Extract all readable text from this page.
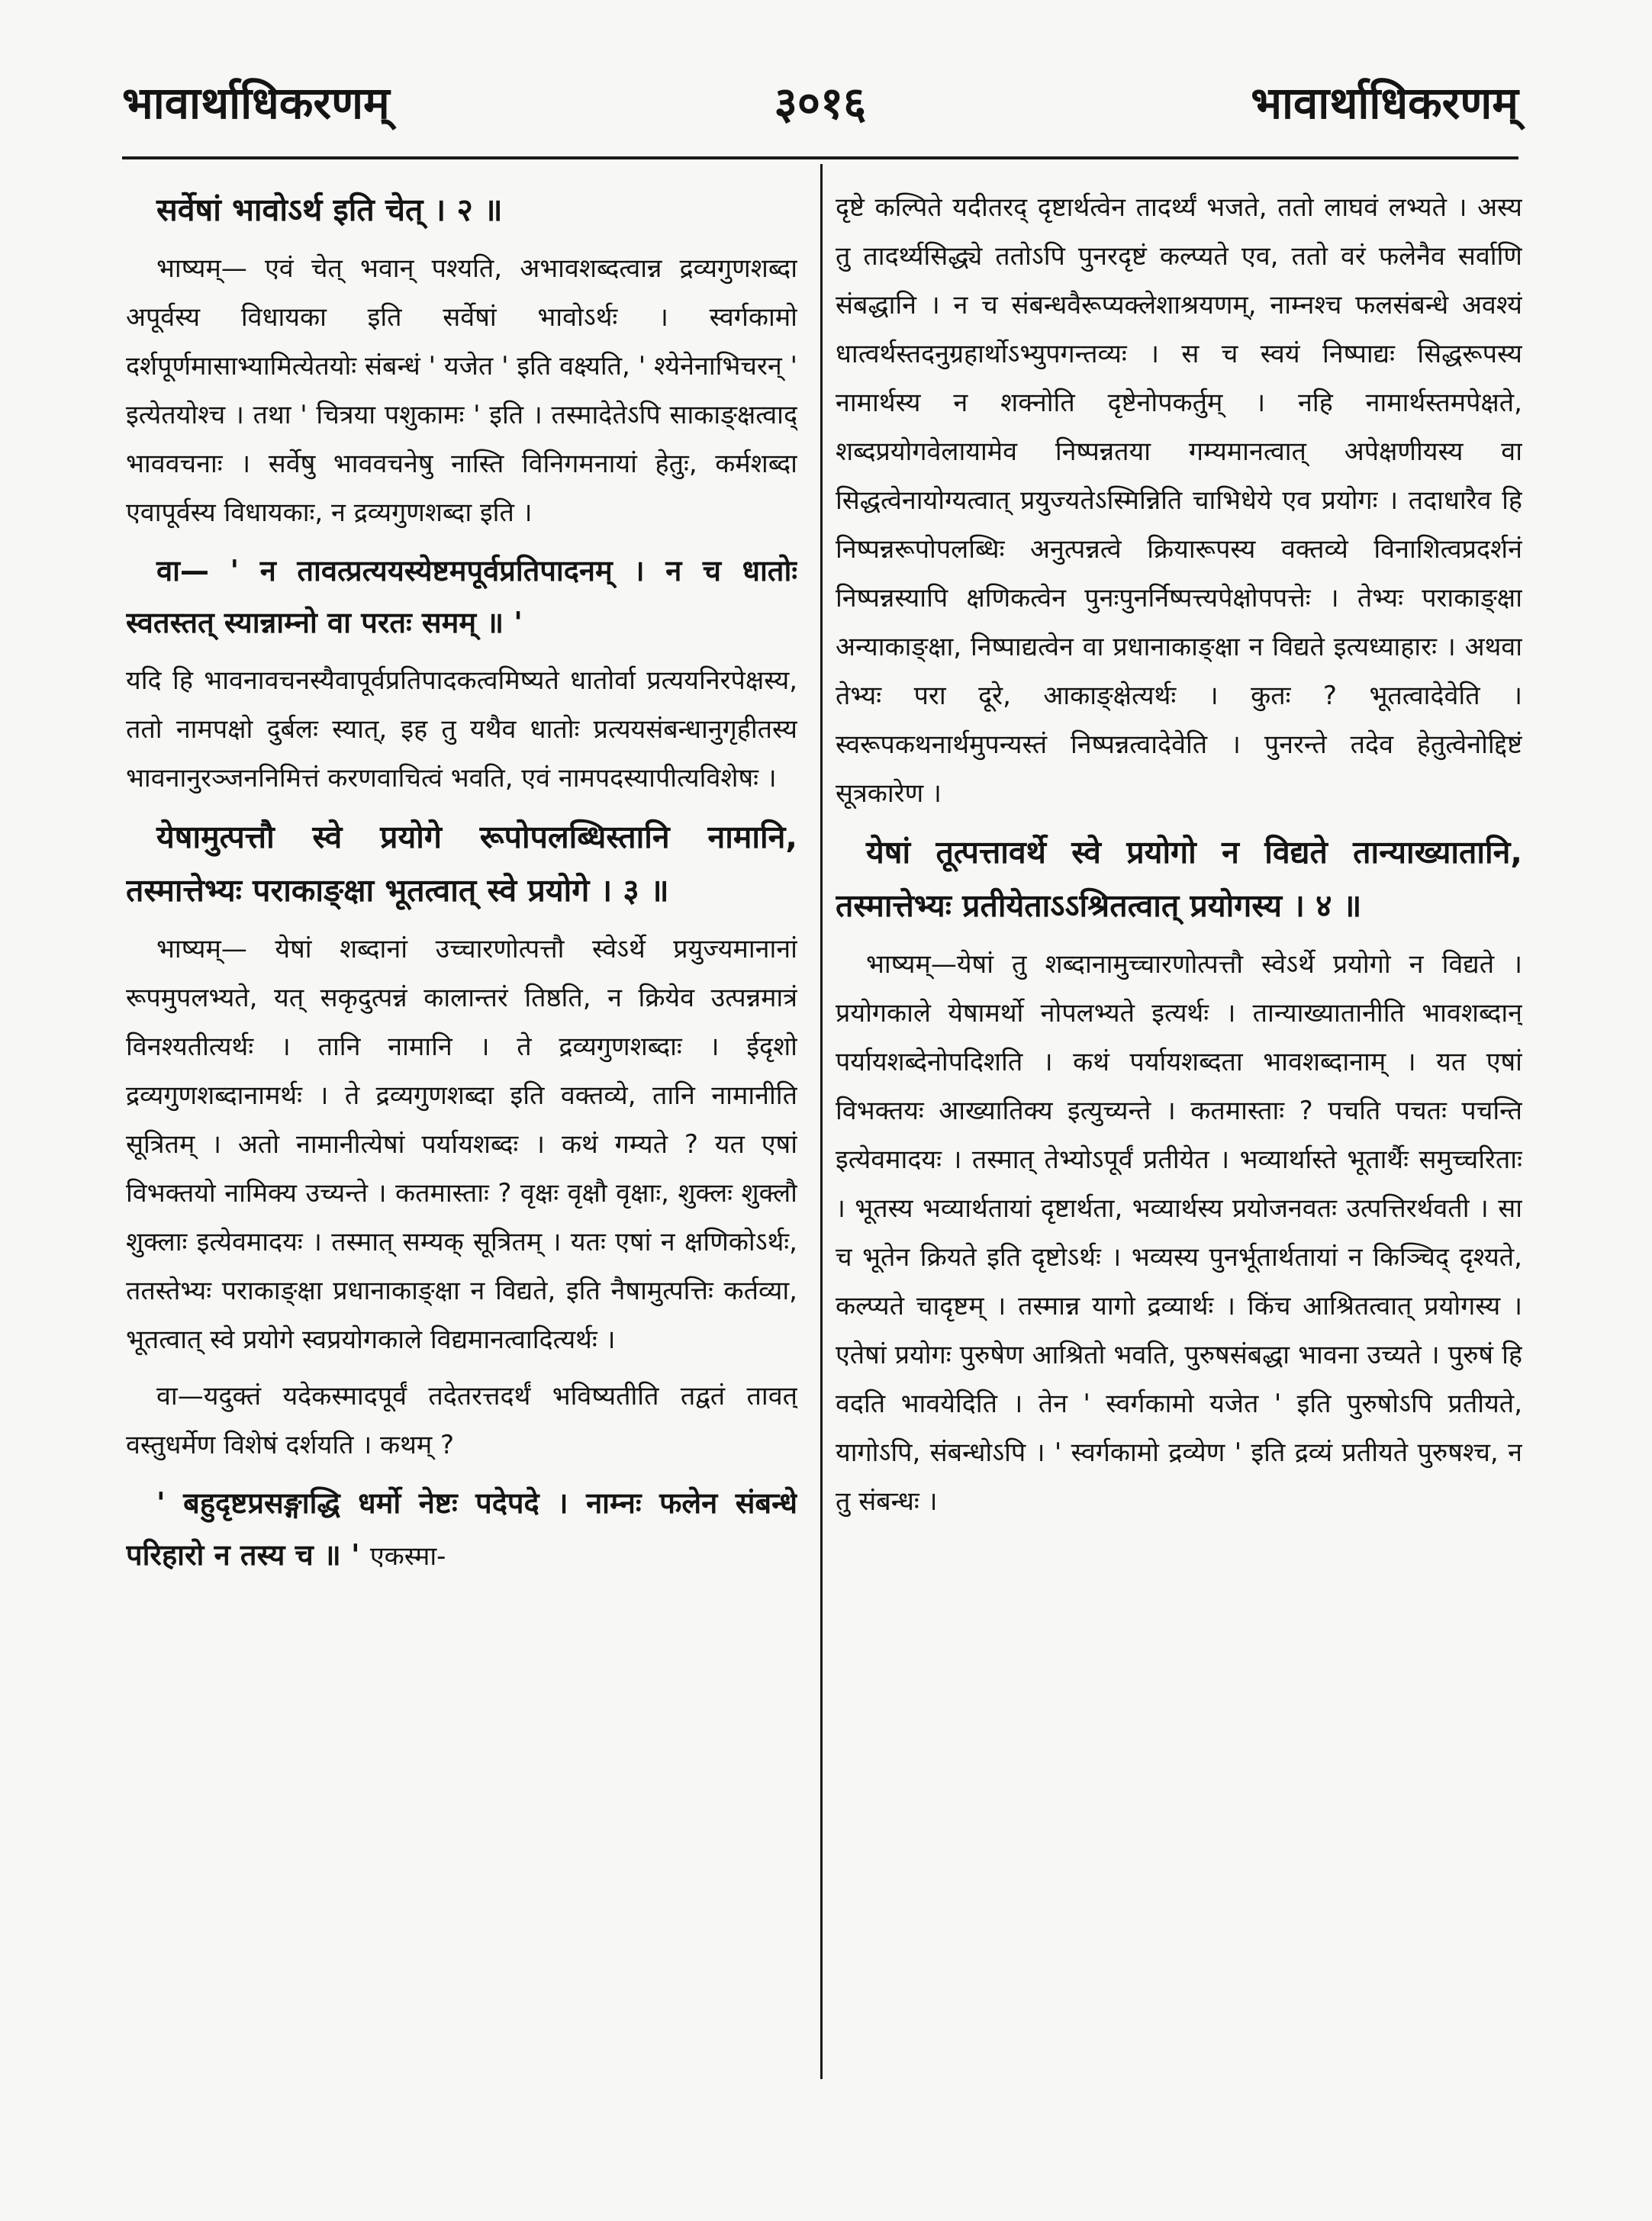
३०१६
भावार्थाधिकरणम्	भावार्थाधिकरणम्

सर्वेषां भावोऽर्थ इति चेत् । २ ॥

भाष्यम्— एवं चेत् भवान् पश्यति, अभावशब्दत्वान्न द्रव्यगुणशब्दा अपूर्वस्य विधायका इति सर्वेषां भावोऽर्थः । स्वर्गकामो दर्शपूर्णमासाभ्यामित्येतयोः संबन्धं ' यजेत ' इति वक्ष्यति, ' श्येनेनाभिचरन् ' इत्येतयोश्च । तथा ' चित्रया पशुकामः ' इति । तस्मादेतेऽपि साकाङ्क्षत्वाद् भाववचनाः । सर्वेषु भाववचनेषु नास्ति विनिगमनायां हेतुः, कर्मशब्दा एवापूर्वस्य विधायकाः, न द्रव्यगुणशब्दा इति ।

वा— ' न तावत्प्रत्ययस्येष्टमपूर्वप्रतिपादनम् । न च धातोः स्वतस्तत् स्यान्नाम्नो वा परतः समम् ॥ '

यदि हि भावनावचनस्यैवापूर्वप्रतिपादकत्वमिष्यते धातोर्वा प्रत्ययनिरपेक्षस्य, ततो नामपक्षो दुर्बलः स्यात्, इह तु यथैव धातोः प्रत्ययसंबन्धानुगृहीतस्य भावनानुरञ्जननिमित्तं करणवाचित्वं भवति, एवं नामपदस्यापीत्यविशेषः ।

येषामुत्पत्तौ स्वे प्रयोगे रूपोपलब्धिस्तानि नामानि, तस्मात्तेभ्यः पराकाङ्क्षा भूतत्वात् स्वे प्रयोगे । ३ ॥

भाष्यम्— येषां शब्दानां उच्चारणोत्पत्तौ स्वेऽर्थे प्रयुज्यमानानां रूपमुपलभ्यते, यत् सकृदुत्पन्नं कालान्तरं तिष्ठति, न क्रियेव उत्पन्नमात्रं विनश्यतीत्यर्थः । तानि नामानि । ते द्रव्यगुणशब्दाः । ईदृशो द्रव्यगुणशब्दानामर्थः । ते द्रव्यगुणशब्दा इति वक्तव्ये, तानि नामानीति सूत्रितम् । अतो नामानीत्येषां पर्यायशब्दः । कथं गम्यते ? यत एषां विभक्तयो नामिक्य उच्यन्ते । कतमास्ताः ? वृक्षः वृक्षौ वृक्षाः, शुक्लः शुक्लौ शुक्लाः इत्येवमादयः । तस्मात् सम्यक् सूत्रितम् । यतः एषां न क्षणिकोऽर्थः, ततस्तेभ्यः पराकाङ्क्षा प्रधानाकाङ्क्षा न विद्यते, इति नैषामुत्पत्तिः कर्तव्या, भूतत्वात् स्वे प्रयोगे स्वप्रयोगकाले विद्यमानत्वादित्यर्थः ।

वा—यदुक्तं यदेकस्मादपूर्वं तदेतरत्तदर्थं भविष्यतीति तद्वतं तावत् वस्तुधर्मेण विशेषं दर्शयति । कथम् ?

' बहुदृष्टप्रसङ्गाद्धि धर्मो नेष्टः पदेपदे । नाम्नः फलेन संबन्धे परिहारो न तस्य च ॥ ' एकस्मा-

दृष्टे कल्पिते यदीतरद् दृष्टार्थत्वेन तादर्थ्यं भजते, ततो लाघवं लभ्यते । अस्य तु तादर्थ्यसिद्ध्ये ततोऽपि पुनरदृष्टं कल्प्यते एव, ततो वरं फलेनैव सर्वाणि संबद्धानि । न च संबन्धवैरूप्यक्लेशाश्रयणम्, नाम्नश्च फलसंबन्धे अवश्यं धात्वर्थस्तदनुग्रहार्थोऽभ्युपगन्तव्यः । स च स्वयं निष्पाद्यः सिद्धरूपस्य नामार्थस्य न शक्नोति दृष्टेनोपकर्तुम् । नहि नामार्थस्तमपेक्षते, शब्दप्रयोगवेलायामेव निष्पन्नतया गम्यमानत्वात् अपेक्षणीयस्य वा सिद्धत्वेनायोग्यत्वात् प्रयुज्यतेऽस्मिन्निति चाभिधेये एव प्रयोगः । तदाधारैव हि निष्पन्नरूपोपलब्धिः अनुत्पन्नत्वे क्रियारूपस्य वक्तव्ये विनाशित्वप्रदर्शनं निष्पन्नस्यापि क्षणिकत्वेन पुनःपुनर्निष्पत्त्यपेक्षोपपत्तेः । तेभ्यः पराकाङ्क्षा अन्याकाङ्क्षा, निष्पाद्यत्वेन वा प्रधानाकाङ्क्षा न विद्यते इत्यध्याहारः । अथवा तेभ्यः परा दूरे, आकाङ्क्षेत्यर्थः । कुतः ? भूतत्वादेवेति । स्वरूपकथनार्थमुपन्यस्तं निष्पन्नत्वादेवेति । पुनरन्ते तदेव हेतुत्वेनोद्दिष्टं सूत्रकारेण ।

येषां तूत्पत्तावर्थे स्वे प्रयोगो न विद्यते तान्याख्यातानि, तस्मात्तेभ्यः प्रतीयेताऽऽश्रितत्वात् प्रयोगस्य । ४ ॥

भाष्यम्—येषां तु शब्दानामुच्चारणोत्पत्तौ स्वेऽर्थे प्रयोगो न विद्यते । प्रयोगकाले येषामर्थो नोपलभ्यते इत्यर्थः । तान्याख्यातानीति भावशब्दान् पर्यायशब्देनोपदिशति । कथं पर्यायशब्दता भावशब्दानाम् । यत एषां विभक्तयः आख्यातिक्य इत्युच्यन्ते । कतमास्ताः ? पचति पचतः पचन्ति इत्येवमादयः । तस्मात् तेभ्योऽपूर्वं प्रतीयेत । भव्यार्थास्ते भूतार्थैः समुच्चरिताः । भूतस्य भव्यार्थतायां दृष्टार्थता, भव्यार्थस्य प्रयोजनवतः उत्पत्तिरर्थवती । सा च भूतेन क्रियते इति दृष्टोऽर्थः । भव्यस्य पुनर्भूतार्थतायां न किञ्चिद् दृश्यते, कल्प्यते चादृष्टम् । तस्मान्न यागो द्रव्यार्थः । किंच आश्रितत्वात् प्रयोगस्य । एतेषां प्रयोगः पुरुषेण आश्रितो भवति, पुरुषसंबद्धा भावना उच्यते । पुरुषं हि वदति भावयेदिति । तेन ' स्वर्गकामो यजेत ' इति पुरुषोऽपि प्रतीयते, यागोऽपि, संबन्धोऽपि । ' स्वर्गकामो द्रव्येण ' इति द्रव्यं प्रतीयते पुरुषश्च, न तु संबन्धः ।
